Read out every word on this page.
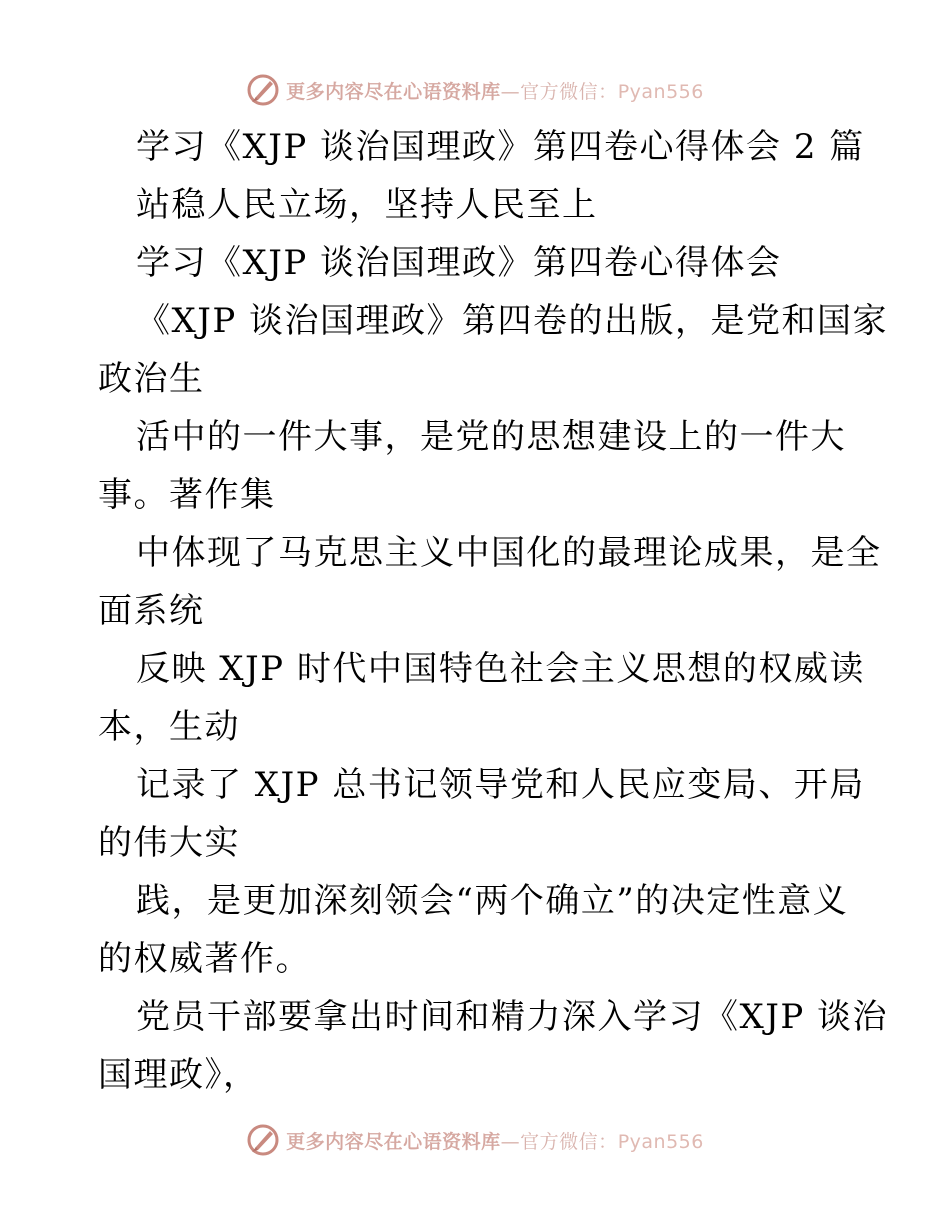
更多内容尽在心语资料库—官方微信：Pyan556
学习《XJP 谈治国理政》第四卷心得体会 2 篇
站稳人民立场，坚持人民至上
学习《XJP 谈治国理政》第四卷心得体会
《XJP 谈治国理政》第四卷的出版，是党和国家
政治生
活中的一件大事，是党的思想建设上的一件大
事。著作集
中体现了马克思主义中国化的最理论成果，是全
面系统
反映 XJP 时代中国特色社会主义思想的权威读
本，生动
记录了 XJP 总书记领导党和人民应变局、开局
的伟大实
践，是更加深刻领会“两个确立”的决定性意义
的权威著作。
党员干部要拿出时间和精力深入学习《XJP 谈治
国理政》，
更多内容尽在心语资料库—官方微信：Pyan556
